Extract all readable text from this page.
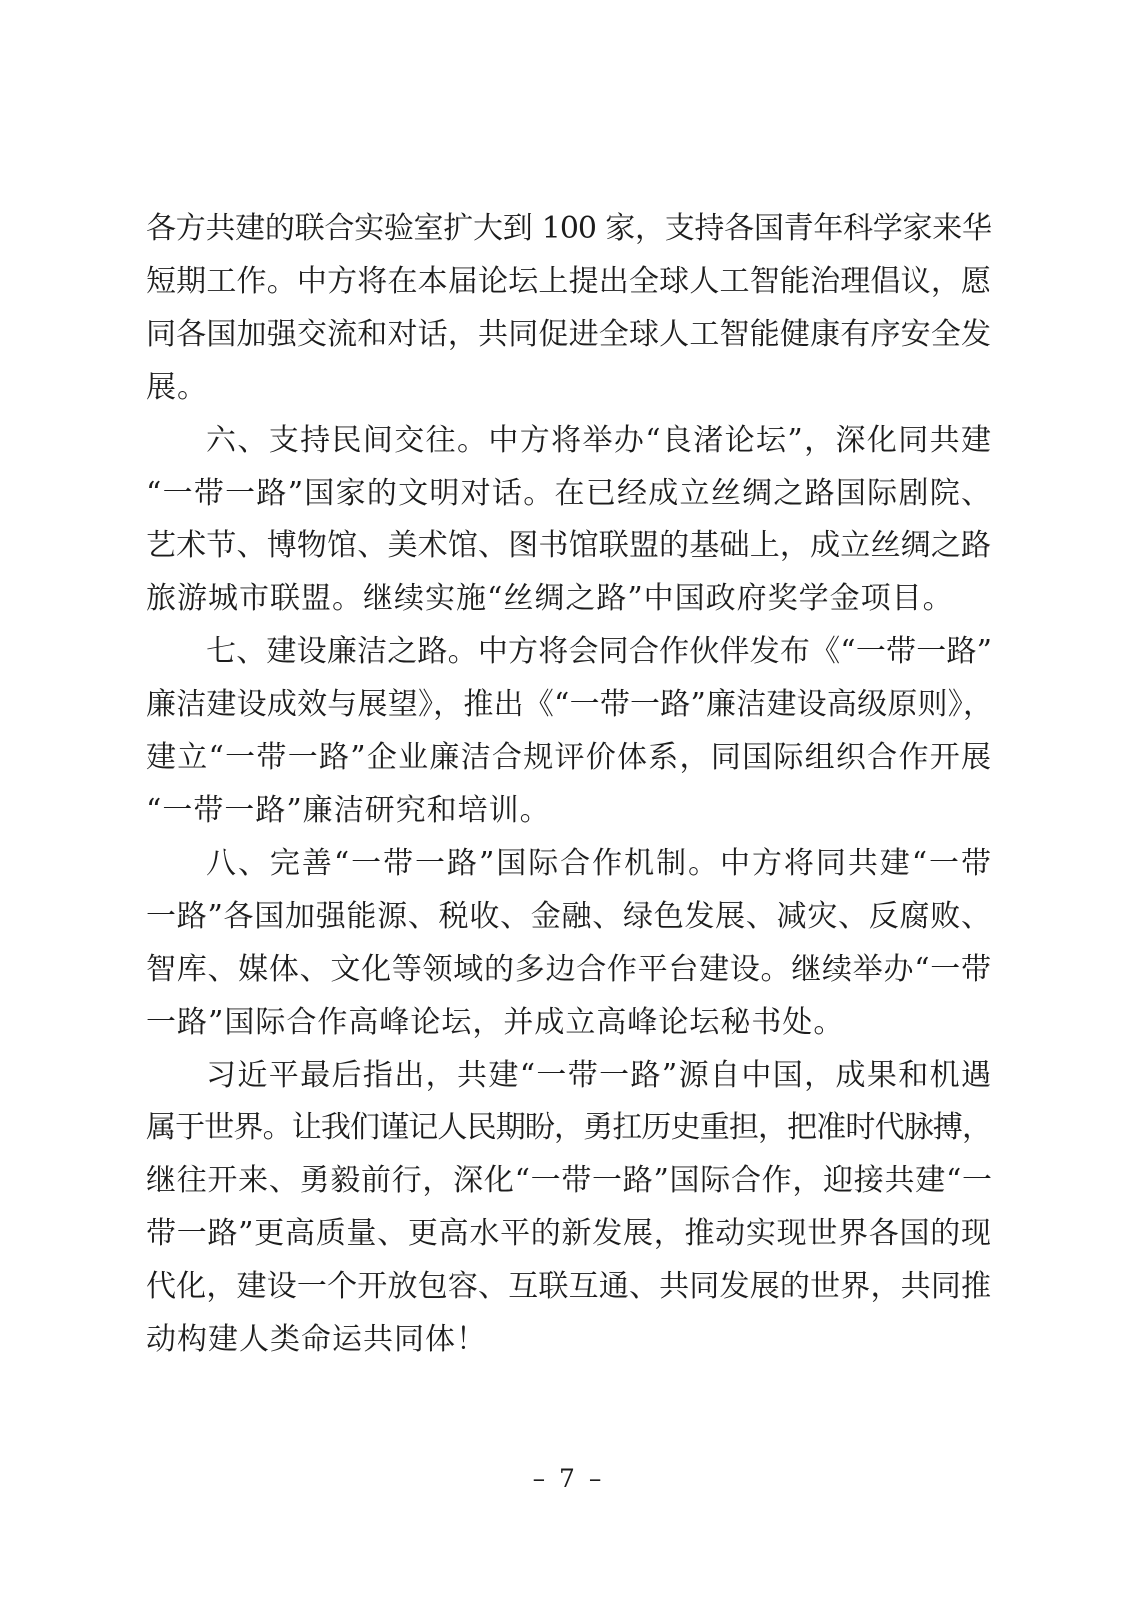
各方共建的联合实验室扩大到 100 家，支持各国青年科学家来华
短期工作。中方将在本届论坛上提出全球人工智能治理倡议，愿
同各国加强交流和对话，共同促进全球人工智能健康有序安全发
展。
六、支持民间交往。中方将举办“良渚论坛”，深化同共建
“一带一路”国家的文明对话。在已经成立丝绸之路国际剧院、
艺术节、博物馆、美术馆、图书馆联盟的基础上，成立丝绸之路
旅游城市联盟。继续实施“丝绸之路”中国政府奖学金项目。
七、建设廉洁之路。中方将会同合作伙伴发布《“一带一路”
廉洁建设成效与展望》，推出《“一带一路”廉洁建设高级原则》，
建立“一带一路”企业廉洁合规评价体系，同国际组织合作开展
“一带一路”廉洁研究和培训。
八、完善“一带一路”国际合作机制。中方将同共建“一带
一路”各国加强能源、税收、金融、绿色发展、减灾、反腐败、
智库、媒体、文化等领域的多边合作平台建设。继续举办“一带
一路”国际合作高峰论坛，并成立高峰论坛秘书处。
习近平最后指出，共建“一带一路”源自中国，成果和机遇
属于世界。让我们谨记人民期盼，勇扛历史重担，把准时代脉搏，
继往开来、勇毅前行，深化“一带一路”国际合作，迎接共建“一
带一路”更高质量、更高水平的新发展，推动实现世界各国的现
代化，建设一个开放包容、互联互通、共同发展的世界，共同推
动构建人类命运共同体！
– 7 –
